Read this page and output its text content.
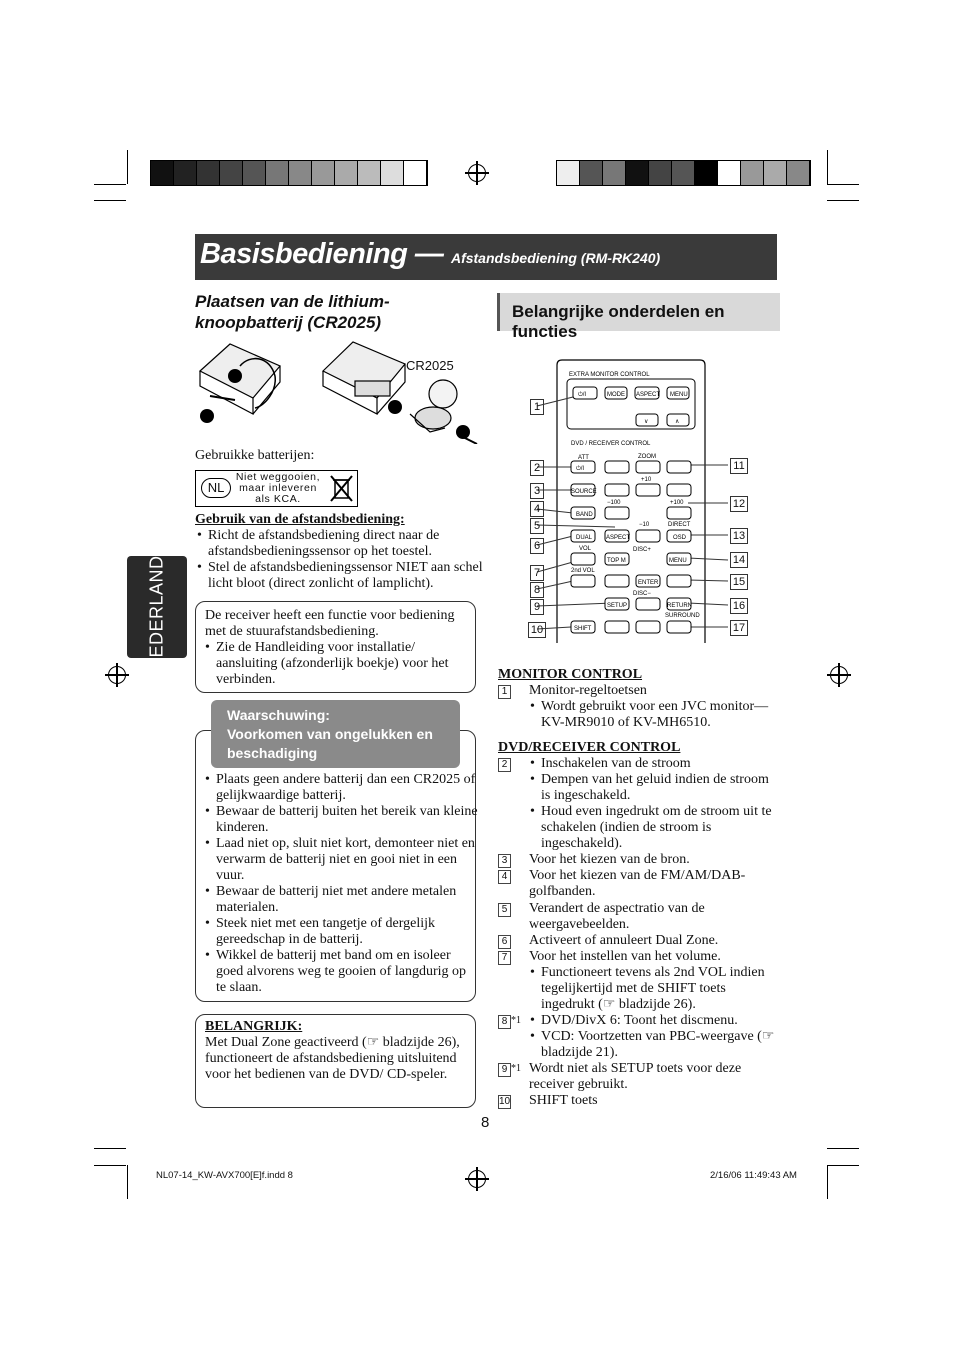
Basisbediening — Afstandsbediening (RM-RK240)
NEDERLANDS
Plaatsen van de lithium-knoopbatterij (CR2025)
CR2025
Gebruikke batterijen:
NL
Niet weggooien,
maar inleveren
als KCA.
Gebruik van de afstandsbediening:
• Richt de afstandsbediening direct naar de afstandsbedieningssensor op het toestel.
• Stel de afstandsbedieningssensor NIET aan schel licht bloot (direct zonlicht of lamplicht).
De receiver heeft een functie voor bediening met de stuurafstandsbediening.
• Zie de Handleiding voor installatie/ aansluiting (afzonderlijk boekje) voor het verbinden.
Waarschuwing:
Voorkomen van ongelukken en
beschadiging
• Plaats geen andere batterij dan een CR2025 of gelijkwaardige batterij.
• Bewaar de batterij buiten het bereik van kleine kinderen.
• Laad niet op, sluit niet kort, demonteer niet en verwarm de batterij niet en gooi niet in een vuur.
• Bewaar de batterij niet met andere metalen materialen.
• Steek niet met een tangetje of dergelijk gereedschap in de batterij.
• Wikkel de batterij met band om en isoleer goed alvorens weg te gooien of langdurig op te slaan.
BELANGRIJK:
Met Dual Zone geactiveerd (☞ bladzijde 26), functioneert de afstandsbediening uitsluitend voor het bedienen van de DVD/ CD-speler.
Belangrijke onderdelen en functies
EXTRA MONITOR CONTROL
DVD / RECEIVER CONTROL
⏻/I	MODE ASPECT MENU
∨	∧
ATT	ZOOM
⏻/I
SOURCE
+10
−100	+100
BAND
−10	DIRECT
ASPECT
DUAL	OSD
VOL
TOP M	MENU
2nd VOL
ENTER
SETUP	RETURN
SURROUND
SHIFT
DISC+
DISC−
1
2
3
4
5
6
7
8
9
10
11
12
13
14
15
16
17
MONITOR CONTROL
1 Monitor-regeltoetsen
• Wordt gebruikt voor een JVC monitor— KV-MR9010 of KV-MH6510.
DVD/RECEIVER CONTROL
2 • Inschakelen van de stroom
• Dempen van het geluid indien de stroom is ingeschakeld.
• Houd even ingedrukt om de stroom uit te schakelen (indien de stroom is ingeschakeld).
3 Voor het kiezen van de bron.
4 Voor het kiezen van de FM/AM/DAB-golfbanden.
5 Verandert de aspectratio van de weergavebeelden.
6 Activeert of annuleert Dual Zone.
7 Voor het instellen van het volume.
• Functioneert tevens als 2nd VOL indien tegelijkertijd met de SHIFT toets ingedrukt (☞ bladzijde 26).
8 $^{*1}$	• DVD/DivX 6: Toont het discmenu.
• VCD: Voortzetten van PBC-weergave (☞ bladzijde 21).
9 $^{*1}$ Wordt niet als SETUP toets voor deze receiver gebruikt.
10 SHIFT toets
8
NL07-14_KW-AVX700[E]f.indd 8	2/16/06 11:49:43 AM
